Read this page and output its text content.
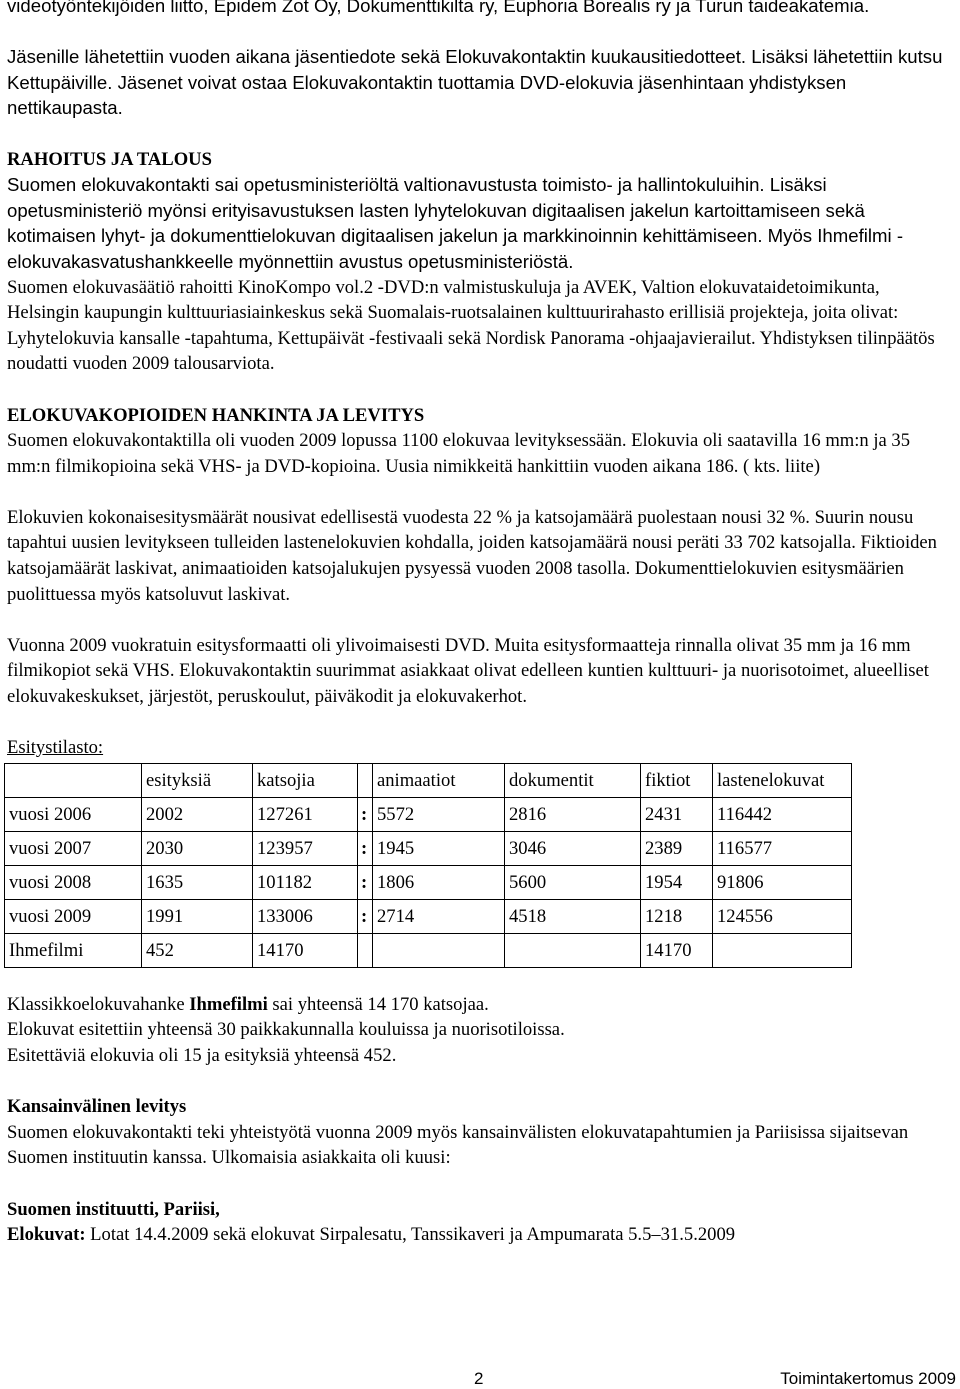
videotyöntekijöiden liitto, Epidem Zot Oy, Dokumenttikilta ry, Euphoria Borealis ry ja Turun taideakatemia.

Jäsenille lähetettiin vuoden aikana jäsentiedote sekä Elokuvakontaktin kuukausitiedotteet. Lisäksi lähetettiin kutsu Kettupäiville. Jäsenet voivat ostaa Elokuvakontaktin tuottamia DVD-elokuvia jäsenhintaan yhdistyksen nettikaupasta.

RAHOITUS JA TALOUS

Suomen elokuvakontakti sai opetusministeriöltä valtionavustusta toimisto- ja hallintokuluihin. Lisäksi opetusministeriö myönsi erityisavustuksen lasten lyhytelokuvan digitaalisen jakelun kartoittamiseen sekä kotimaisen lyhyt- ja dokumenttielokuvan digitaalisen jakelun ja markkinoinnin kehittämiseen. Myös Ihmefilmi -elokuvakasvatushankkeelle myönnettiin avustus opetusministeriöstä.

Suomen elokuvasäätiö rahoitti KinoKompo vol.2 -DVD:n valmistuskuluja ja AVEK, Valtion elokuvataidetoimikunta, Helsingin kaupungin kulttuuriasiainkeskus sekä Suomalais-ruotsalainen kulttuurirahasto erillisiä projekteja, joita olivat: Lyhytelokuvia kansalle -tapahtuma, Kettupäivät -festivaali sekä Nordisk Panorama -ohjaajavierailut. Yhdistyksen tilinpäätös noudatti vuoden 2009 talousarviota.

ELOKUVAKOPIOIDEN HANKINTA JA LEVITYS

Suomen elokuvakontaktilla oli vuoden 2009 lopussa 1100 elokuvaa levityksessään. Elokuvia oli saatavilla 16 mm:n ja 35 mm:n filmikopioina sekä VHS- ja DVD-kopioina. Uusia nimikkeitä hankittiin vuoden aikana 186. ( kts. liite)

Elokuvien kokonaisesitysmäärät nousivat edellisestä vuodesta 22 % ja katsojamäärä puolestaan nousi 32 %. Suurin nousu tapahtui uusien levitykseen tulleiden lastenelokuvien kohdalla, joiden katsojamäärä nousi peräti 33 702 katsojalla. Fiktioiden katsojamäärät laskivat, animaatioiden katsojalukujen pysyessä vuoden 2008 tasolla. Dokumenttielokuvien esitysmäärien puolittuessa myös katsoluvut laskivat.

Vuonna 2009 vuokratuin esitysformaatti oli ylivoimaisesti DVD. Muita esitysformaatteja rinnalla olivat 35 mm ja 16 mm filmikopiot sekä VHS. Elokuvakontaktin suurimmat asiakkaat olivat edelleen kuntien kulttuuri- ja nuorisotoimet, alueelliset elokuvakeskukset, järjestöt, peruskoulut, päiväkodit ja elokuvakerhot.

Esitystilasto:

	esityksiä	katsojia		animaatiot	dokumentit	fiktiot	lastenelokuvat
vuosi 2006	2002	127261	:	5572	2816	2431	116442
vuosi 2007	2030	123957	:	1945	3046	2389	116577
vuosi 2008	1635	101182	:	1806	5600	1954	91806
vuosi 2009	1991	133006	:	2714	4518	1218	124556
Ihmefilmi	452	14170				14170	

Klassikkoelokuvahanke Ihmefilmi sai yhteensä 14 170 katsojaa.

Elokuvat esitettiin yhteensä 30 paikkakunnalla kouluissa ja nuorisotiloissa.

Esitettäviä elokuvia oli 15 ja esityksiä yhteensä 452.

Kansainvälinen levitys

Suomen elokuvakontakti teki yhteistyötä vuonna 2009 myös kansainvälisten elokuvatapahtumien ja Pariisissa sijaitsevan Suomen instituutin kanssa. Ulkomaisia asiakkaita oli kuusi:

Suomen instituutti, Pariisi,

Elokuvat: Lotat 14.4.2009 sekä elokuvat Sirpalesatu, Tanssikaveri ja Ampumarata 5.5–31.5.2009

2	Toimintakertomus 2009
